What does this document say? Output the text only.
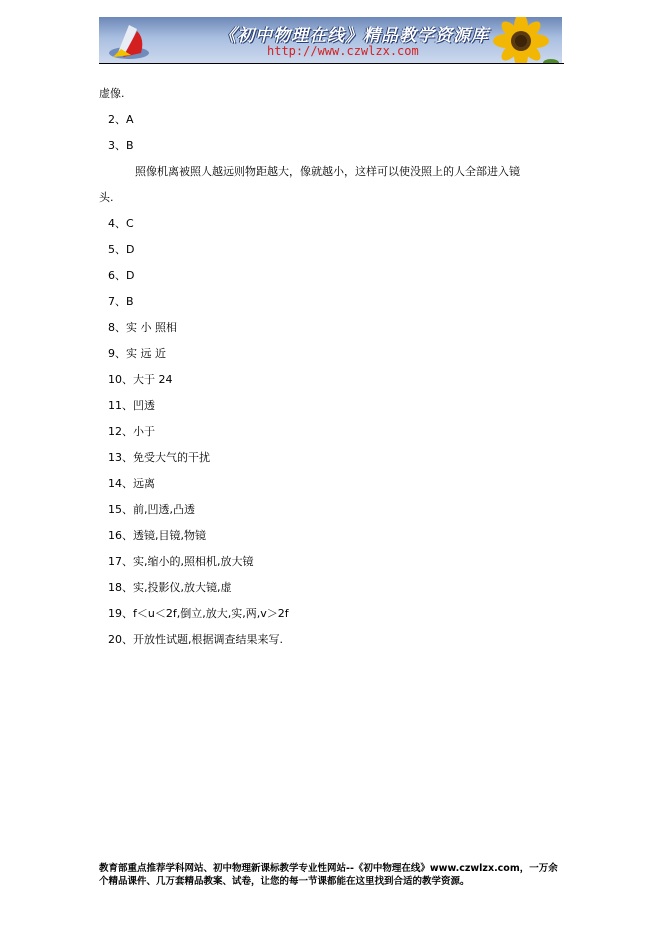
《初中物理在线》精品教学资源库
http://www.czwlzx.com
虚像.
2、A
3、B
照像机离被照人越远则物距越大，像就越小，这样可以使没照上的人全部进入镜
头.
4、C
5、D
6、D
7、B
8、实 小 照相
9、实 远 近
10、大于 24
11、凹透
12、小于
13、免受大气的干扰
14、远离
15、前,凹透,凸透
16、透镜,目镜,物镜
17、实,缩小的,照相机,放大镜
18、实,投影仪,放大镜,虚
19、f＜u＜2f,倒立,放大,实,两,v＞2f
20、开放性试题,根据调查结果来写.
教育部重点推荐学科网站、初中物理新课标教学专业性网站--《初中物理在线》www.czwlzx.com，一万余
个精品课件、几万套精品教案、试卷，让您的每一节课都能在这里找到合适的教学资源。
